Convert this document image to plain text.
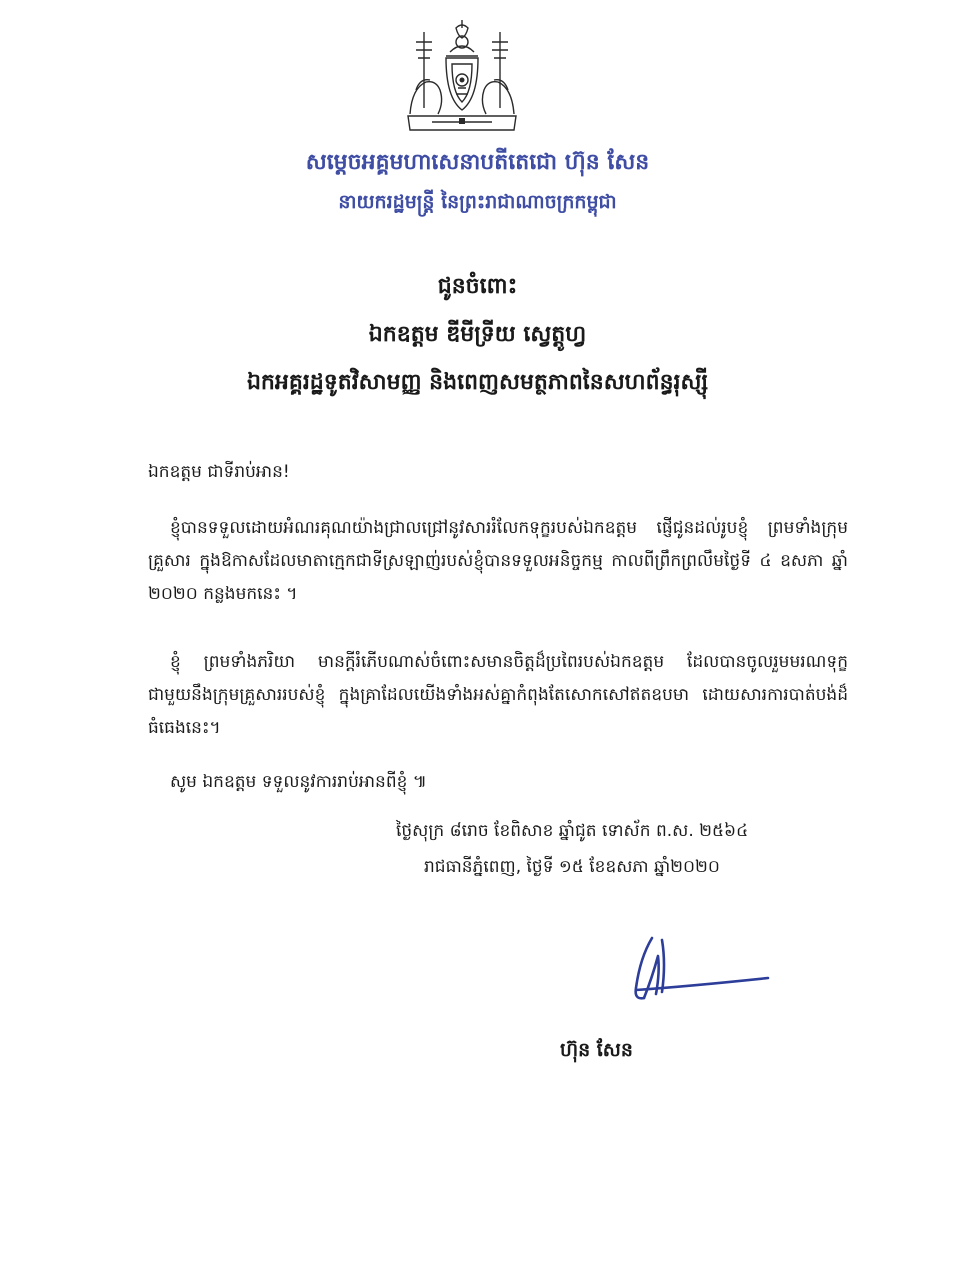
សម្តេចអគ្គមហាសេនាបតីតេជោ ហ៊ុន សែន
នាយករដ្ឋមន្ត្រី នៃព្រះរាជាណាចក្រកម្ពុជា
ជូនចំពោះ
ឯកឧត្តម ឌីមីទ្រីយ ស្វេត្តូហ្វ
ឯកអគ្គរដ្ឋទូតវិសាមញ្ញ និងពេញសមត្ថភាពនៃសហព័ន្ធរុស្ស៊ី
ឯកឧត្តម ជាទីរាប់អាន!
ខ្ញុំបានទទួលដោយអំណរគុណយ៉ាងជ្រាលជ្រៅនូវសាររំលែកទុក្ខរបស់ឯកឧត្តម ផ្ញើជូនដល់រូបខ្ញុំ ព្រមទាំងក្រុមគ្រួសារ ក្នុងឱកាសដែលមាតាក្មេកជាទីស្រឡាញ់របស់ខ្ញុំបានទទួលអនិច្ចកម្ម កាលពីព្រឹកព្រលឹមថ្ងៃទី ៤ ឧសភា ឆ្នាំ ២០២០ កន្លងមកនេះ ។
ខ្ញុំ ព្រមទាំងភរិយា មានក្តីរំភើបណាស់ចំពោះសមានចិត្តដ៏ប្រពៃរបស់ឯកឧត្តម ដែលបានចូលរួមមរណទុក្ខជាមួយនឹងក្រុមគ្រួសាររបស់ខ្ញុំ ក្នុងគ្រាដែលយើងទាំងអស់គ្នាកំពុងតែសោកសៅឥតឧបមា ដោយសារការបាត់បង់ដ៏ធំធេងនេះ។
សូម ឯកឧត្តម ទទួលនូវការរាប់អានពីខ្ញុំ ៕
ថ្ងៃសុក្រ ៨រោច ខែពិសាខ ឆ្នាំជូត ទោស័ក ព.ស. ២៥៦៤
រាជធានីភ្នំពេញ, ថ្ងៃទី ១៥ ខែឧសភា ឆ្នាំ២០២០
ហ៊ុន សែន
